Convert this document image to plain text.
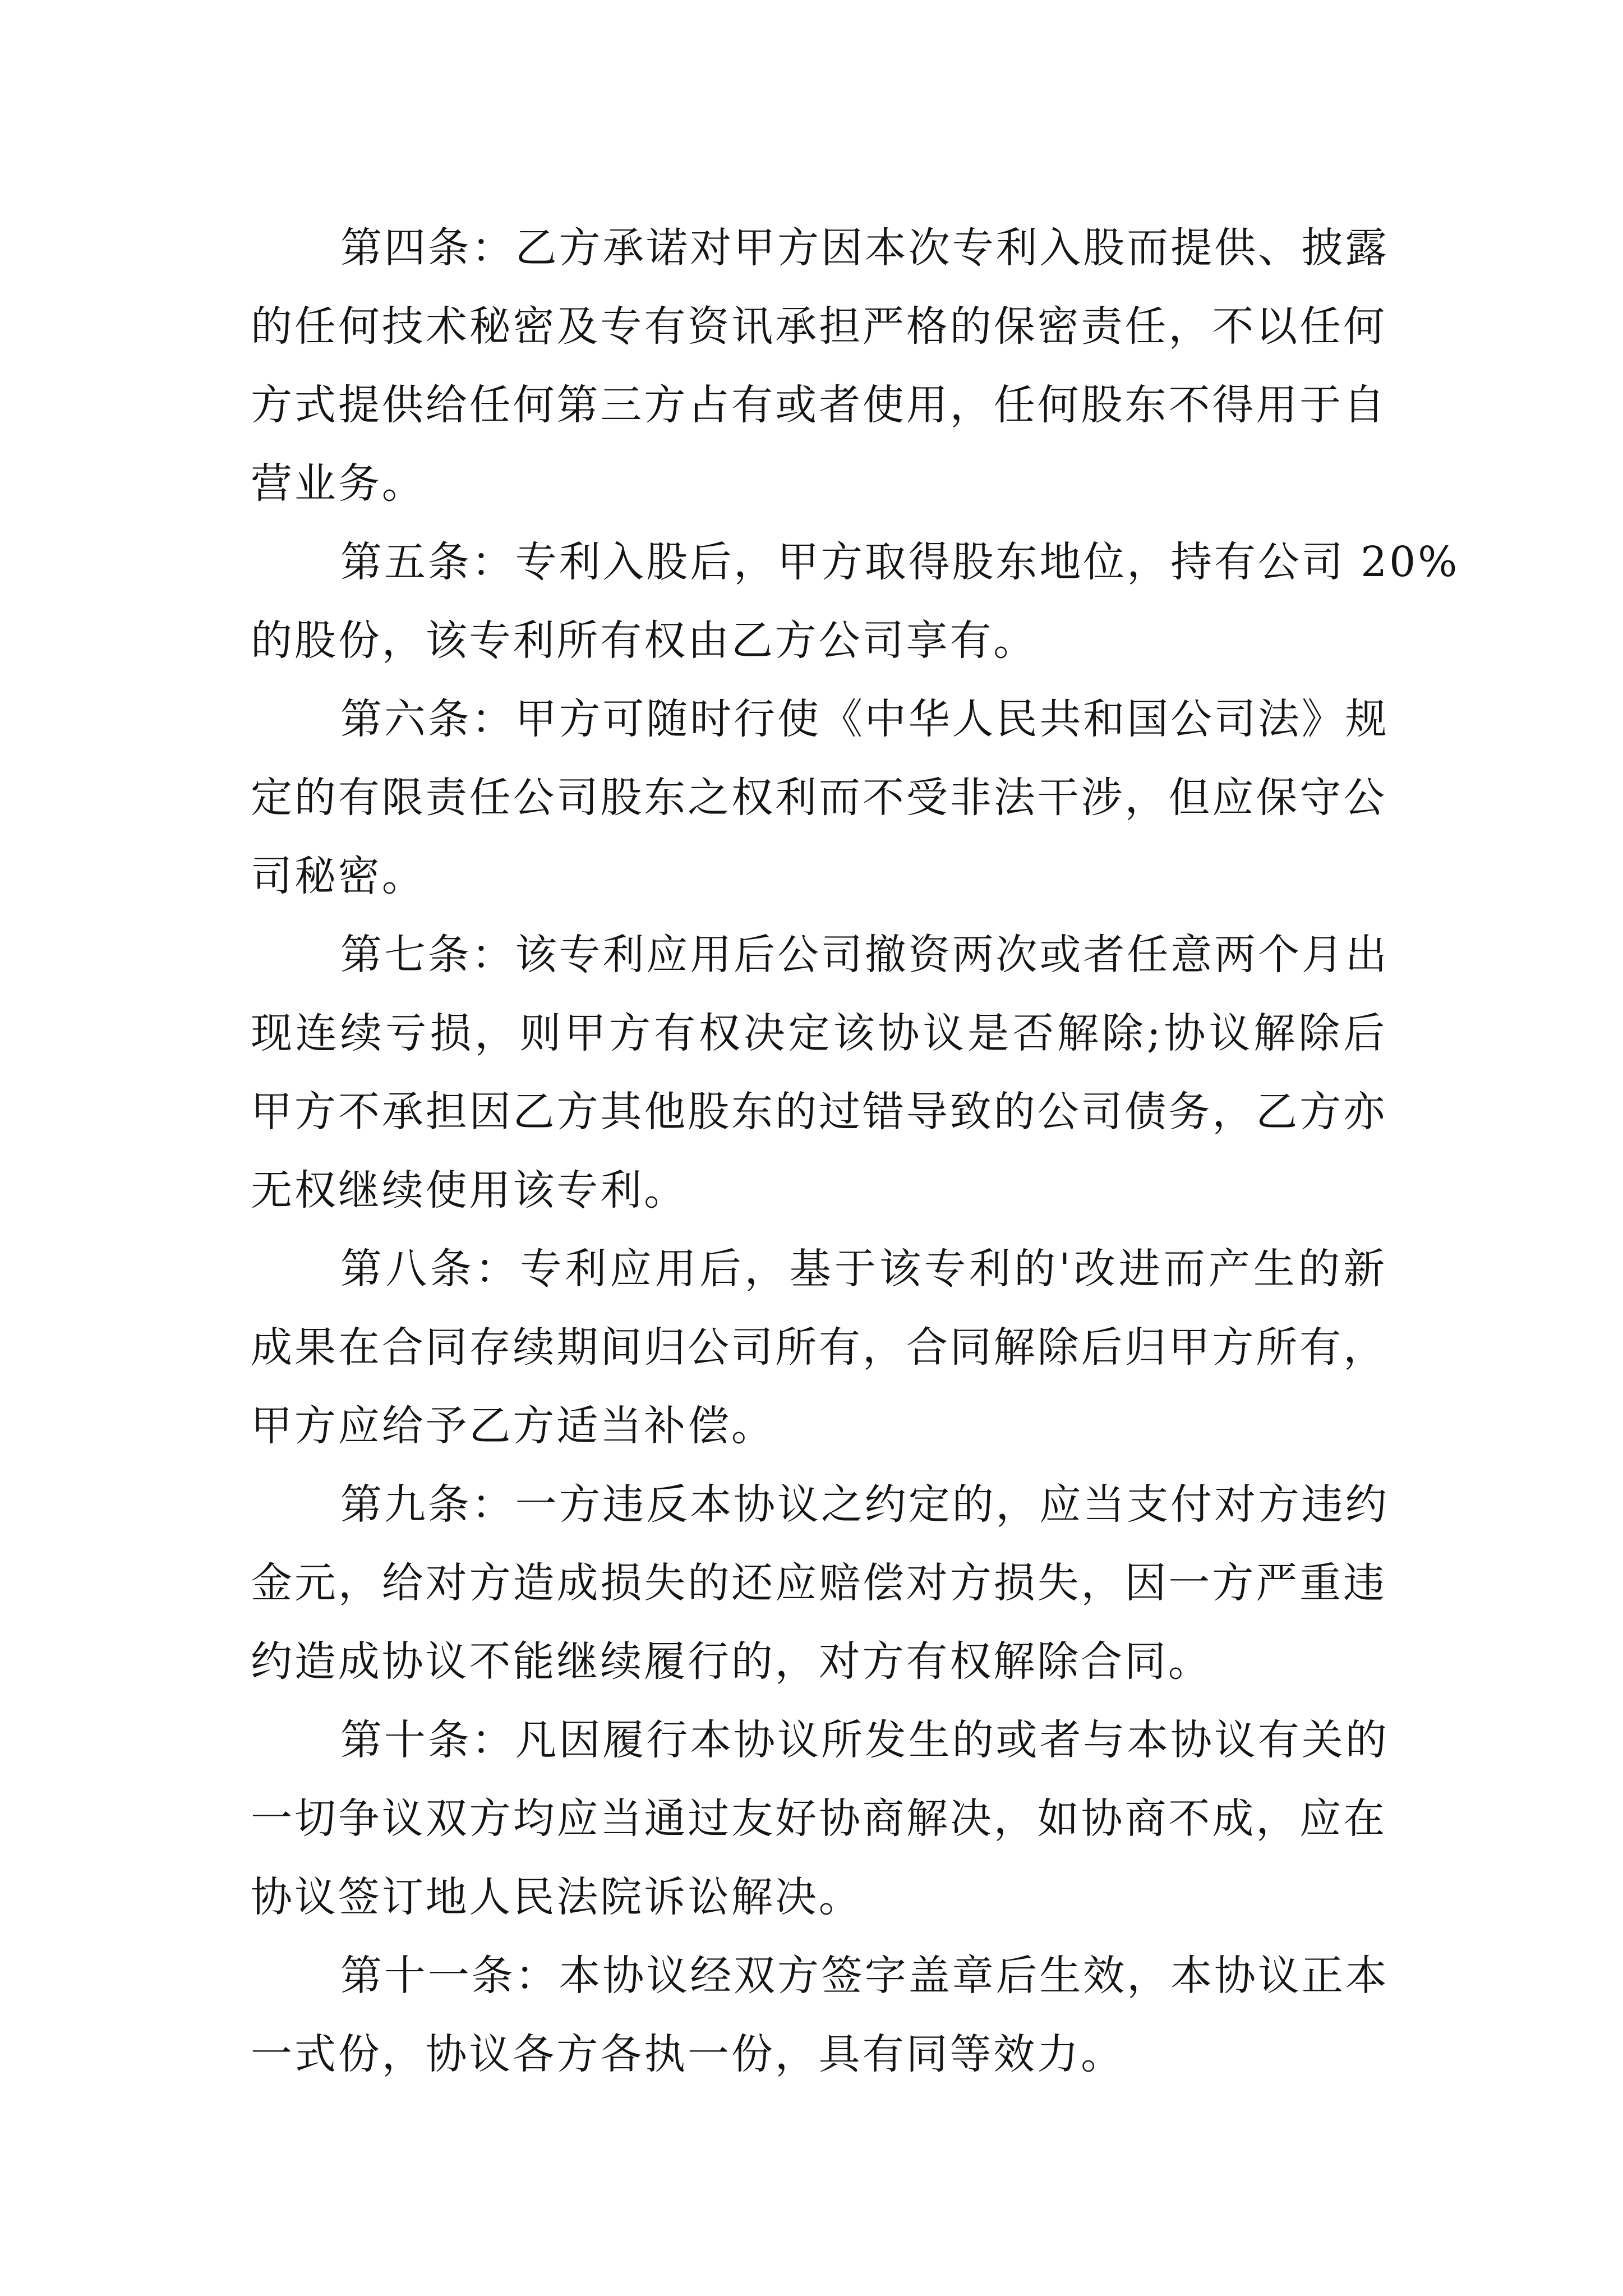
第四条：乙方承诺对甲方因本次专利入股而提供、披露
的任何技术秘密及专有资讯承担严格的保密责任，不以任何
方式提供给任何第三方占有或者使用，任何股东不得用于自
营业务。
第五条：专利入股后，甲方取得股东地位，持有公司 20%
的股份，该专利所有权由乙方公司享有。
第六条：甲方可随时行使《中华人民共和国公司法》规
定的有限责任公司股东之权利而不受非法干涉，但应保守公
司秘密。
第七条：该专利应用后公司撤资两次或者任意两个月出
现连续亏损，则甲方有权决定该协议是否解除;协议解除后
甲方不承担因乙方其他股东的过错导致的公司债务，乙方亦
无权继续使用该专利。
第八条：专利应用后，基于该专利的'改进而产生的新
成果在合同存续期间归公司所有，合同解除后归甲方所有，
甲方应给予乙方适当补偿。
第九条：一方违反本协议之约定的，应当支付对方违约
金元，给对方造成损失的还应赔偿对方损失，因一方严重违
约造成协议不能继续履行的，对方有权解除合同。
第十条：凡因履行本协议所发生的或者与本协议有关的
一切争议双方均应当通过友好协商解决，如协商不成，应在
协议签订地人民法院诉讼解决。
第十一条：本协议经双方签字盖章后生效，本协议正本
一式份，协议各方各执一份，具有同等效力。
